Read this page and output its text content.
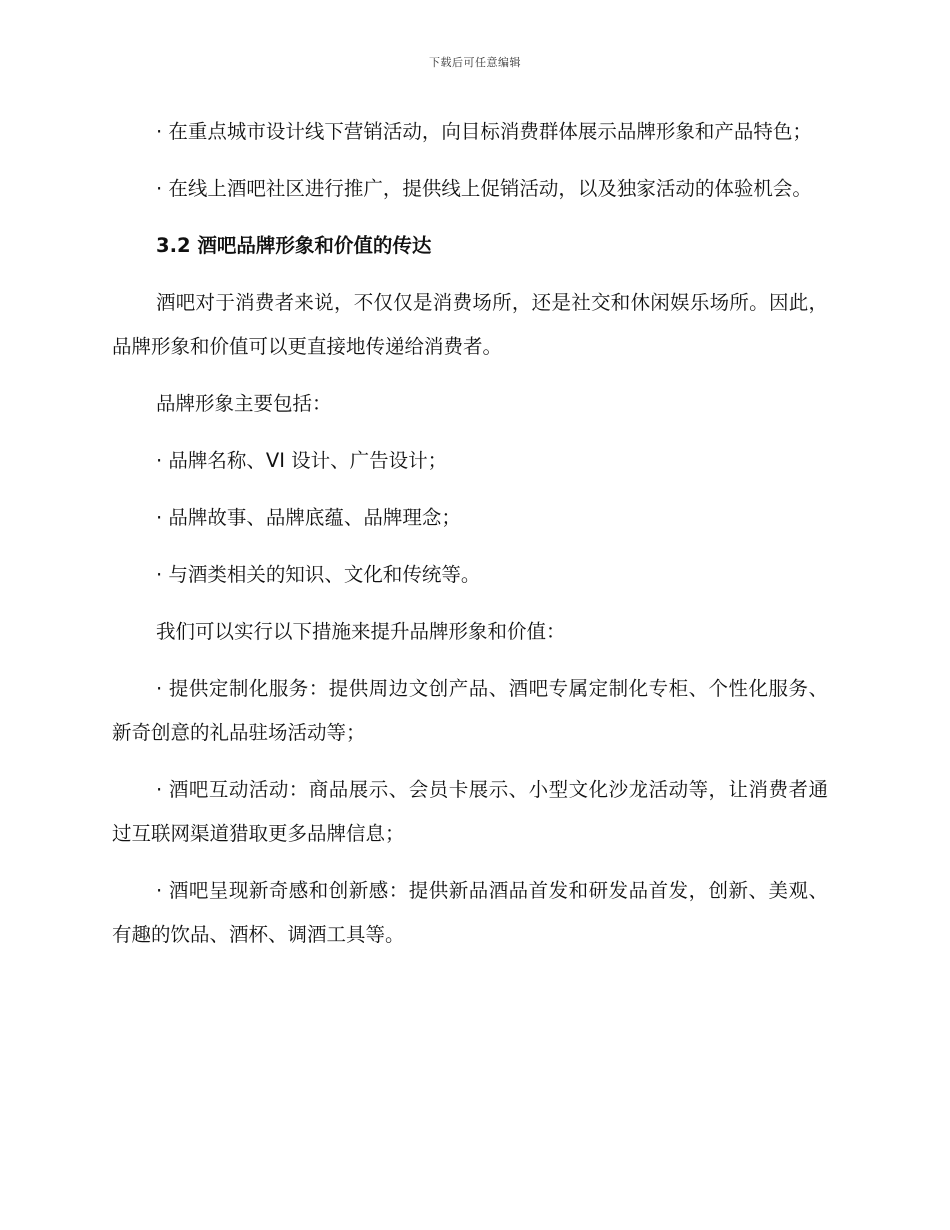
下载后可任意编辑

· 在重点城市设计线下营销活动，向目标消费群体展示品牌形象和产品特色；

· 在线上酒吧社区进行推广，提供线上促销活动，以及独家活动的体验机会。

3.2 酒吧品牌形象和价值的传达

酒吧对于消费者来说，不仅仅是消费场所，还是社交和休闲娱乐场所。因此，品牌形象和价值可以更直接地传递给消费者。

品牌形象主要包括：

· 品牌名称、VI 设计、广告设计；

· 品牌故事、品牌底蕴、品牌理念；

· 与酒类相关的知识、文化和传统等。

我们可以实行以下措施来提升品牌形象和价值：

· 提供定制化服务：提供周边文创产品、酒吧专属定制化专柜、个性化服务、新奇创意的礼品驻场活动等；

· 酒吧互动活动：商品展示、会员卡展示、小型文化沙龙活动等，让消费者通过互联网渠道猎取更多品牌信息；

· 酒吧呈现新奇感和创新感：提供新品酒品首发和研发品首发，创新、美观、有趣的饮品、酒杯、调酒工具等。
